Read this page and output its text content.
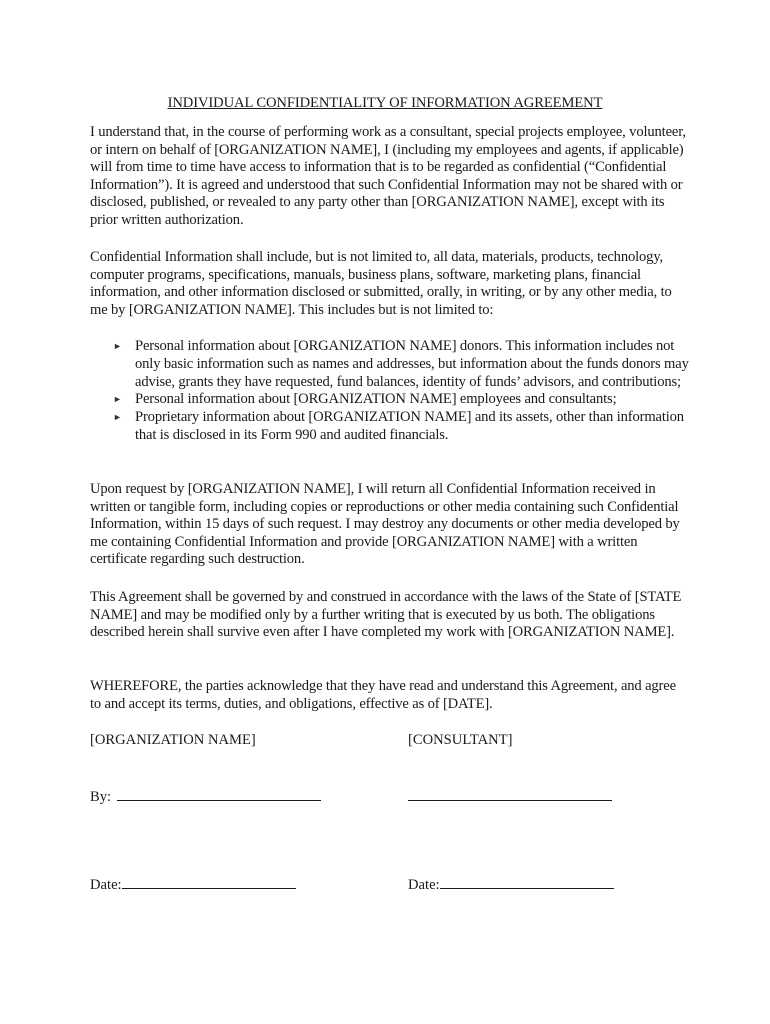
INDIVIDUAL CONFIDENTIALITY OF INFORMATION AGREEMENT

I understand that, in the course of performing work as a consultant, special projects employee, volunteer, or intern on behalf of [ORGANIZATION NAME], I (including my employees and agents, if applicable) will from time to time have access to information that is to be regarded as confidential (“Confidential Information”). It is agreed and understood that such Confidential Information may not be shared with or disclosed, published, or revealed to any party other than [ORGANIZATION NAME], except with its prior written authorization.

Confidential Information shall include, but is not limited to, all data, materials, products, technology, computer programs, specifications, manuals, business plans, software, marketing plans, financial information, and other information disclosed or submitted, orally, in writing, or by any other media, to me by [ORGANIZATION NAME]. This includes but is not limited to:

► Personal information about [ORGANIZATION NAME] donors. This information includes not only basic information such as names and addresses, but information about the funds donors may advise, grants they have requested, fund balances, identity of funds’ advisors, and contributions;
► Personal information about [ORGANIZATION NAME] employees and consultants;
► Proprietary information about [ORGANIZATION NAME] and its assets, other than information that is disclosed in its Form 990 and audited financials.

Upon request by [ORGANIZATION NAME], I will return all Confidential Information received in written or tangible form, including copies or reproductions or other media containing such Confidential Information, within 15 days of such request. I may destroy any documents or other media developed by me containing Confidential Information and provide [ORGANIZATION NAME] with a written certificate regarding such destruction.

This Agreement shall be governed by and construed in accordance with the laws of the State of [STATE NAME] and may be modified only by a further writing that is executed by us both. The obligations described herein shall survive even after I have completed my work with [ORGANIZATION NAME].

WHEREFORE, the parties acknowledge that they have read and understand this Agreement, and agree to and accept its terms, duties, and obligations, effective as of [DATE].

[ORGANIZATION NAME]	[CONSULTANT]
By:
Date:	Date:
